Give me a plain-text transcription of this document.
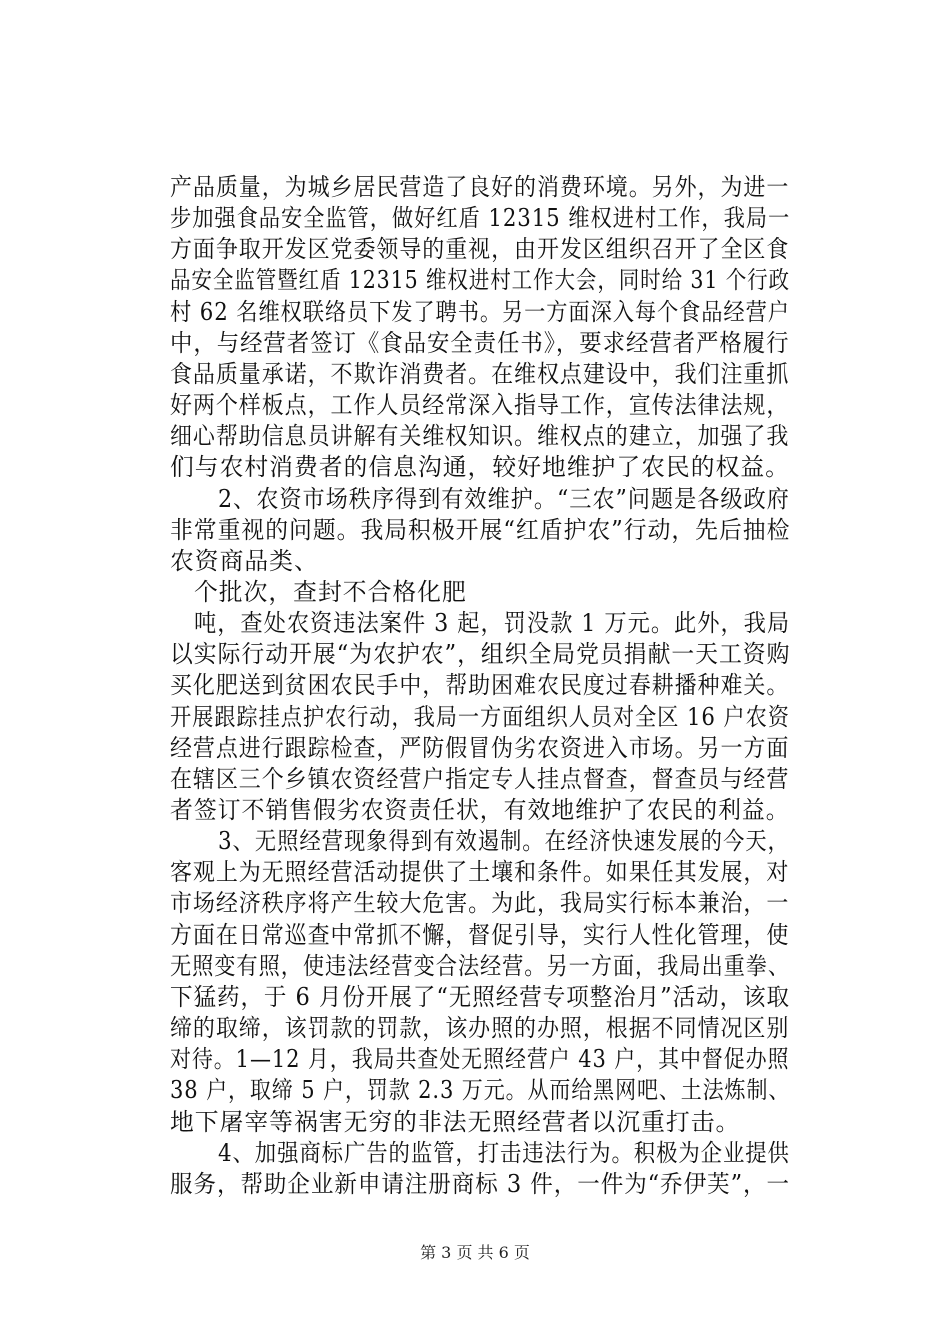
产品质量，为城乡居民营造了良好的消费环境。另外，为进一
步加强食品安全监管，做好红盾 12315 维权进村工作，我局一
方面争取开发区党委领导的重视，由开发区组织召开了全区食
品安全监管暨红盾 12315 维权进村工作大会，同时给 31 个行政
村 62 名维权联络员下发了聘书。另一方面深入每个食品经营户
中，与经营者签订《食品安全责任书》，要求经营者严格履行
食品质量承诺，不欺诈消费者。在维权点建设中，我们注重抓
好两个样板点，工作人员经常深入指导工作，宣传法律法规，
细心帮助信息员讲解有关维权知识。维权点的建立，加强了我
们与农村消费者的信息沟通，较好地维护了农民的权益。
2、农资市场秩序得到有效维护。“三农”问题是各级政府
非常重视的问题。我局积极开展“红盾护农”行动，先后抽检
农资商品类、
个批次，查封不合格化肥
吨，查处农资违法案件 3 起，罚没款 1 万元。此外，我局
以实际行动开展“为农护农”，组织全局党员捐献一天工资购
买化肥送到贫困农民手中，帮助困难农民度过春耕播种难关。
开展跟踪挂点护农行动，我局一方面组织人员对全区 16 户农资
经营点进行跟踪检查，严防假冒伪劣农资进入市场。另一方面
在辖区三个乡镇农资经营户指定专人挂点督查，督查员与经营
者签订不销售假劣农资责任状，有效地维护了农民的利益。
3、无照经营现象得到有效遏制。在经济快速发展的今天，
客观上为无照经营活动提供了土壤和条件。如果任其发展，对
市场经济秩序将产生较大危害。为此，我局实行标本兼治，一
方面在日常巡查中常抓不懈，督促引导，实行人性化管理，使
无照变有照，使违法经营变合法经营。另一方面，我局出重拳、
下猛药，于 6 月份开展了“无照经营专项整治月”活动，该取
缔的取缔，该罚款的罚款，该办照的办照，根据不同情况区别
对待。1—12 月，我局共查处无照经营户 43 户，其中督促办照
38 户，取缔 5 户，罚款 2.3 万元。从而给黑网吧、土法炼制、
地下屠宰等祸害无穷的非法无照经营者以沉重打击。
4、加强商标广告的监管，打击违法行为。积极为企业提供
服务，帮助企业新申请注册商标 3 件，一件为“乔伊芙”，一
第 3 页 共 6 页
